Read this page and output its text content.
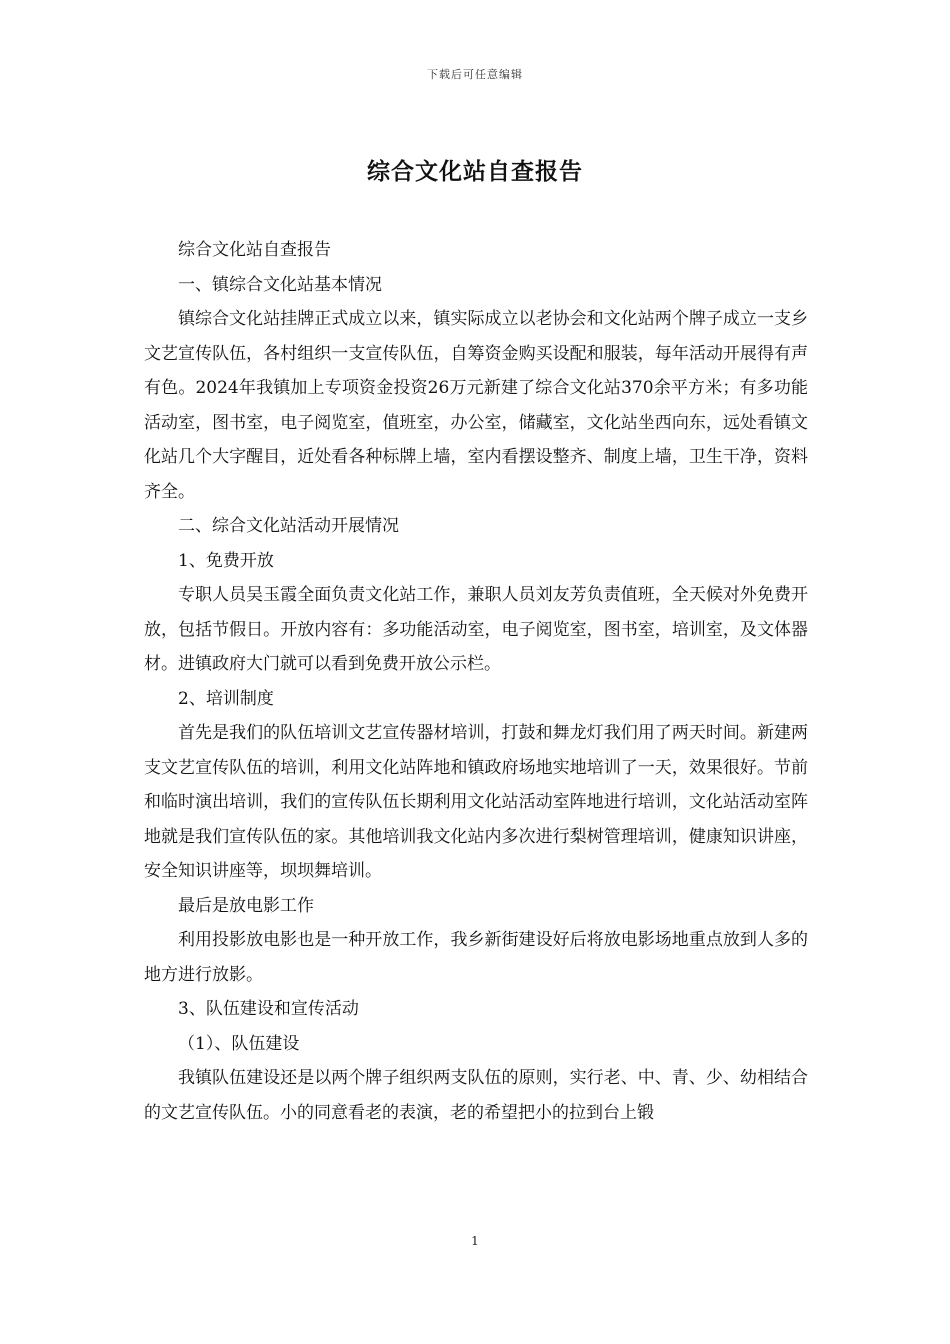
下载后可任意编辑
综合文化站自查报告

综合文化站自查报告

一、镇综合文化站基本情况

镇综合文化站挂牌正式成立以来，镇实际成立以老协会和文化站两个牌子成立一支乡文艺宣传队伍，各村组织一支宣传队伍，自筹资金购买设配和服装，每年活动开展得有声有色。2024年我镇加上专项资金投资26万元新建了综合文化站370余平方米；有多功能活动室，图书室，电子阅览室，值班室，办公室，储藏室，文化站坐西向东，远处看镇文化站几个大字醒目，近处看各种标牌上墙，室内看摆设整齐、制度上墙，卫生干净，资料齐全。

二、综合文化站活动开展情况

1、免费开放

专职人员吴玉霞全面负责文化站工作，兼职人员刘友芳负责值班，全天候对外免费开放，包括节假日。开放内容有：多功能活动室，电子阅览室，图书室，培训室，及文体器材。进镇政府大门就可以看到免费开放公示栏。

2、培训制度

首先是我们的队伍培训文艺宣传器材培训，打鼓和舞龙灯我们用了两天时间。新建两支文艺宣传队伍的培训，利用文化站阵地和镇政府场地实地培训了一天，效果很好。节前和临时演出培训，我们的宣传队伍长期利用文化站活动室阵地进行培训，文化站活动室阵地就是我们宣传队伍的家。其他培训我文化站内多次进行梨树管理培训，健康知识讲座，安全知识讲座等，坝坝舞培训。

最后是放电影工作

利用投影放电影也是一种开放工作，我乡新街建设好后将放电影场地重点放到人多的地方进行放影。

3、队伍建设和宣传活动

（1）、队伍建设

我镇队伍建设还是以两个牌子组织两支队伍的原则，实行老、中、青、少、幼相结合的文艺宣传队伍。小的同意看老的表演，老的希望把小的拉到台上锻

1
